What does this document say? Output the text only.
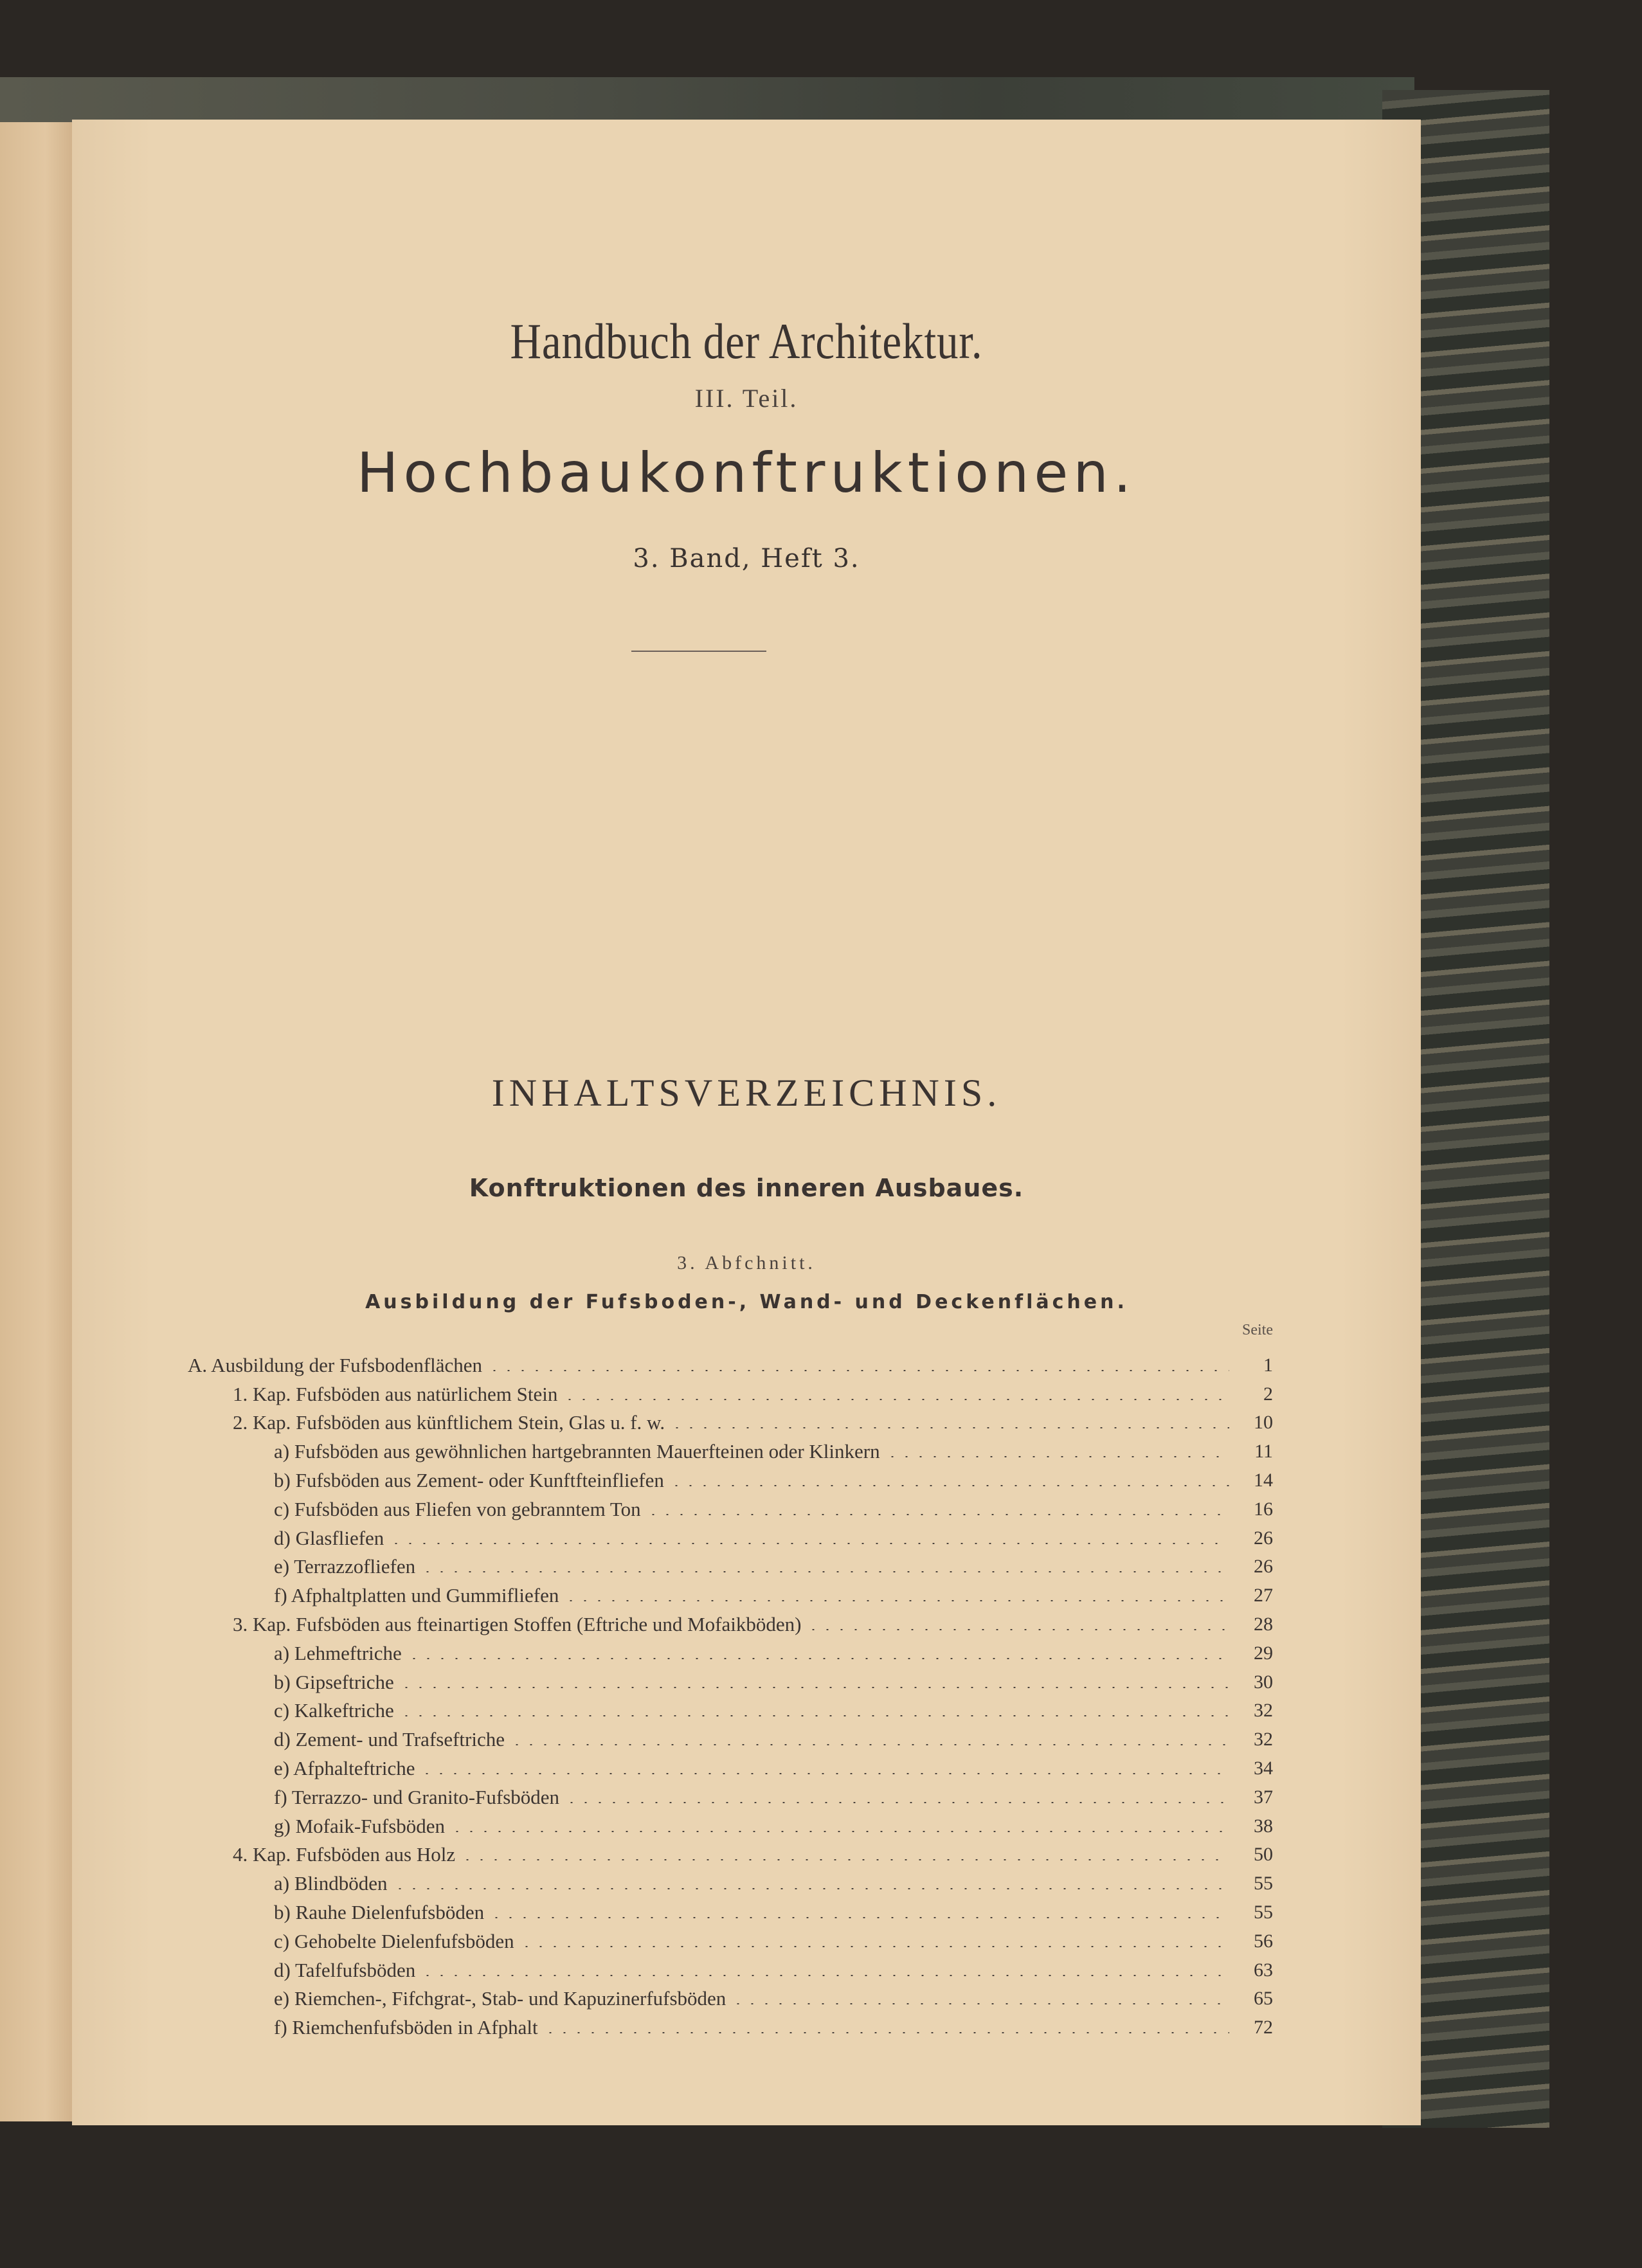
Handbuch der Architektur.
III. Teil.
Hochbaukonftruktionen.
3. Band, Heft 3.
INHALTSVERZEICHNIS.
Konftruktionen des inneren Ausbaues.
3. Abfchnitt.
Ausbildung der Fufsboden-, Wand- und Deckenflächen.
Seite
A. Ausbildung der Fufsbodenflächen	1
1. Kap. Fufsböden aus natürlichem Stein	2
2. Kap. Fufsböden aus künftlichem Stein, Glas u. f. w.	10
a) Fufsböden aus gewöhnlichen hartgebrannten Mauerfteinen oder Klinkern	11
b) Fufsböden aus Zement- oder Kunftfteinfliefen	14
c) Fufsböden aus Fliefen von gebranntem Ton	16
d) Glasfliefen	26
e) Terrazzofliefen	26
f) Afphaltplatten und Gummifliefen	27
3. Kap. Fufsböden aus fteinartigen Stoffen (Eftriche und Mofaikböden)	28
a) Lehmeftriche	29
b) Gipseftriche	30
c) Kalkeftriche	32
d) Zement- und Trafseftriche	32
e) Afphalteftriche	34
f) Terrazzo- und Granito-Fufsböden	37
g) Mofaik-Fufsböden	38
4. Kap. Fufsböden aus Holz	50
a) Blindböden	55
b) Rauhe Dielenfufsböden	55
c) Gehobelte Dielenfufsböden	56
d) Tafelfufsböden	63
e) Riemchen-, Fifchgrat-, Stab- und Kapuzinerfufsböden	65
f) Riemchenfufsböden in Afphalt	72
